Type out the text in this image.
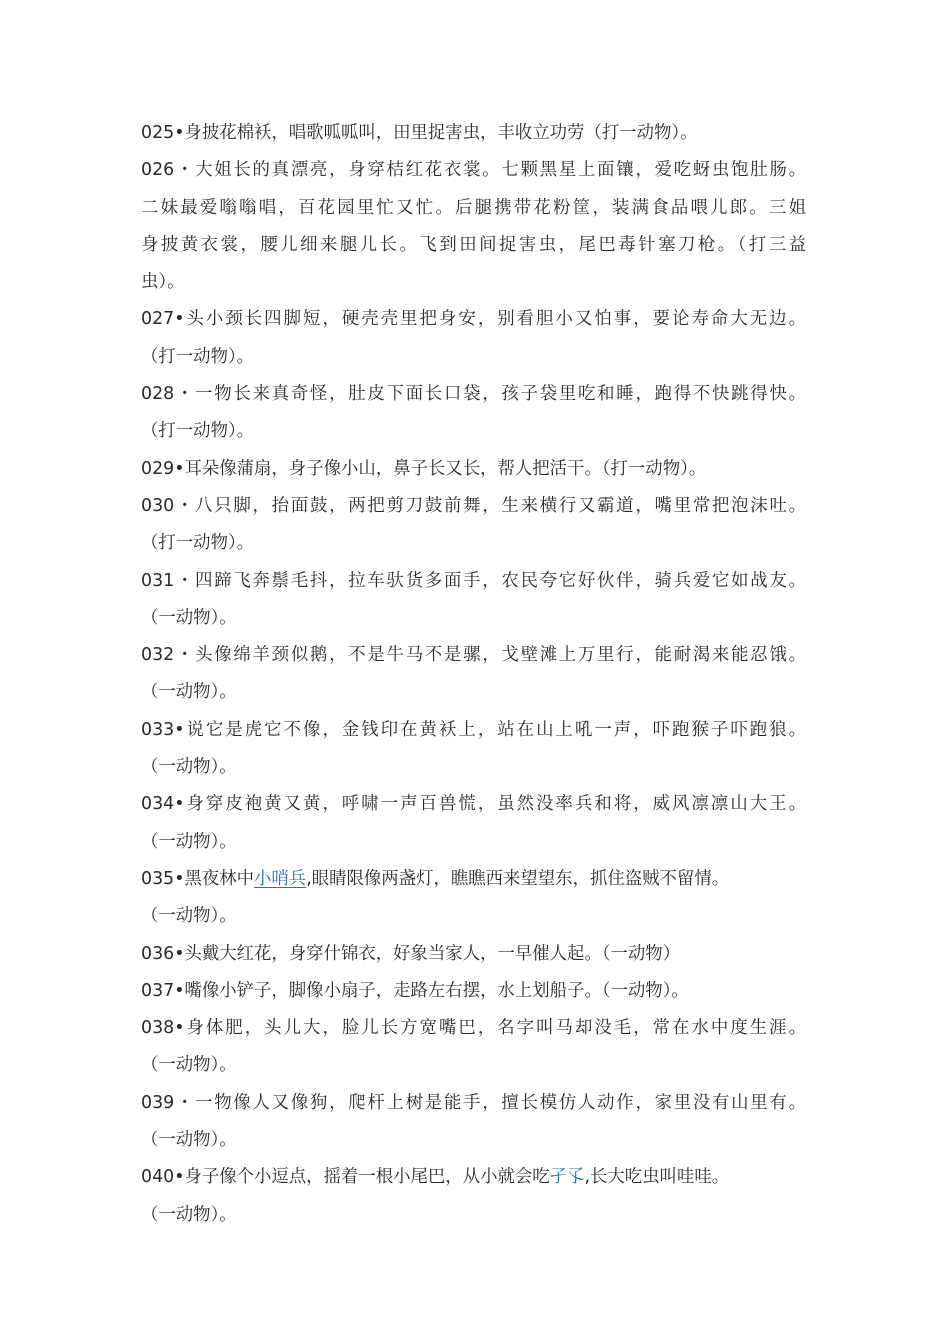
025•身披花棉袄，唱歌呱呱叫，田里捉害虫，丰收立功劳（打一动物）。
026・大姐长的真漂亮，身穿桔红花衣裳。七颗黑星上面镶，爱吃蚜虫饱肚肠。
二妹最爱嗡嗡唱，百花园里忙又忙。后腿携带花粉筐，装满食品喂儿郎。三姐
身披黄衣裳，腰儿细来腿儿长。飞到田间捉害虫，尾巴毒针塞刀枪。（打三益
虫）。
027•头小颈长四脚短，硬壳壳里把身安，别看胆小又怕事，要论寿命大无边。
（打一动物）。
028・一物长来真奇怪，肚皮下面长口袋，孩子袋里吃和睡，跑得不快跳得快。
（打一动物）。
029•耳朵像蒲扇，身子像小山，鼻子长又长，帮人把活干。（打一动物）。
030・八只脚，抬面鼓，两把剪刀鼓前舞，生来横行又霸道，嘴里常把泡沫吐。
（打一动物）。
031・四蹄飞奔鬃毛抖，拉车驮货多面手，农民夸它好伙伴，骑兵爱它如战友。
（一动物）。
032・头像绵羊颈似鹅，不是牛马不是骡，戈壁滩上万里行，能耐渴来能忍饿。
（一动物）。
033•说它是虎它不像，金钱印在黄袄上，站在山上吼一声，吓跑猴子吓跑狼。
（一动物）。
034•身穿皮袍黄又黄，呼啸一声百兽慌，虽然没率兵和将，威风凛凛山大王。
（一动物）。
035•黑夜林中小哨兵,眼睛限像两盏灯，瞧瞧西来望望东，抓住盗贼不留情。
（一动物）。
036•头戴大红花，身穿什锦衣，好象当家人，一早催人起。（一动物）
037•嘴像小铲子，脚像小扇子，走路左右摆，水上划船子。（一动物）。
038•身体肥，头儿大，脸儿长方宽嘴巴，名字叫马却没毛，常在水中度生涯。
（一动物）。
039・一物像人又像狗，爬杆上树是能手，擅长模仿人动作，家里没有山里有。
（一动物）。
040•身子像个小逗点，摇着一根小尾巴，从小就会吃孑孓,长大吃虫叫哇哇。
（一动物）。
